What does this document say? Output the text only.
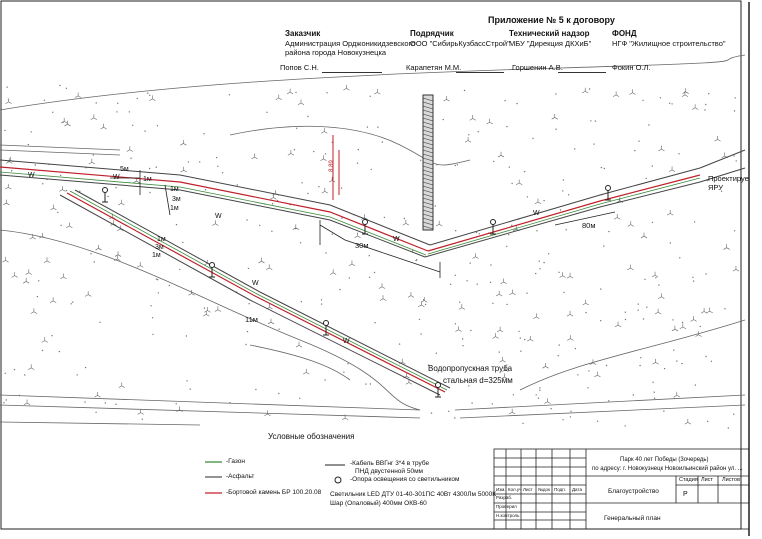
Приложение № 5 к договору
Заказчик
Администрация Орджоникидзевского
района города Новокузнецка
Подрядчик
ООО "СибирьКузбассСтрой"
Технический надзор
МБУ "Дирекция ДКХиБ"
ФОНД
НГФ "Жилищное строительство"
Попов С.Н.	Карапетян М.М.	Горшенин А.В.	Фокин О.Л.
5м
1м
1м
3м
1м
1м
3м
1м
30м
80м
11м
W	W
W
W
W
W
W
Водопропускная труба
стальная d=325мм
Проектируе
ЯРУ
8.89
Условные обозначения
-Газон
-Асфальт
-Бортовой камень БР 100.20.08
-Кабель ВВГнг 3*4 в трубе
ПНД двустенной 50мм
-Опора освещения со светильником
Светильник LED ДТУ 01-40-301ПС 40Вт 4300Лм 5000К
Шар (Опаловый) 400мм ОКВ-60
Парк 40 лет Победы (3очередь)
по адресу: г. Новокузнецк Новоильинский район ул. ...
Благоустройство
Стадия Лист Листов
Р
Генеральный план
Изм. Кол.уч Лист №док Подп. Дата
Разраб.
Проверил
Н.контроль
